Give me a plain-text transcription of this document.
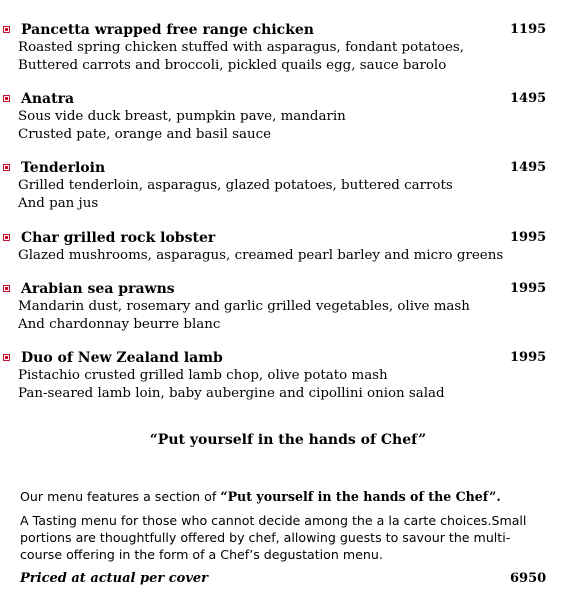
Pancetta wrapped free range chicken	1195
Roasted spring chicken stuffed with asparagus, fondant potatoes,
Buttered carrots and broccoli, pickled quails egg, sauce barolo
Anatra	1495
Sous vide duck breast, pumpkin pave, mandarin
Crusted pate, orange and basil sauce
Tenderloin	1495
Grilled tenderloin, asparagus, glazed potatoes, buttered carrots
And pan jus
Char grilled rock lobster	1995
Glazed mushrooms, asparagus, creamed pearl barley and micro greens
Arabian sea prawns	1995
Mandarin dust, rosemary and garlic grilled vegetables, olive mash
And chardonnay beurre blanc
Duo of New Zealand lamb	1995
Pistachio crusted grilled lamb chop, olive potato mash
Pan-seared lamb loin, baby aubergine and cipollini onion salad
“Put yourself in the hands of Chef”
Our menu features a section of “Put yourself in the hands of the Chef”.
A Tasting menu for those who cannot decide among the a la carte choices.Small portions are thoughtfully offered by chef, allowing guests to savour the multi-course offering in the form of a Chef’s degustation menu.
Priced at actual per cover	6950
